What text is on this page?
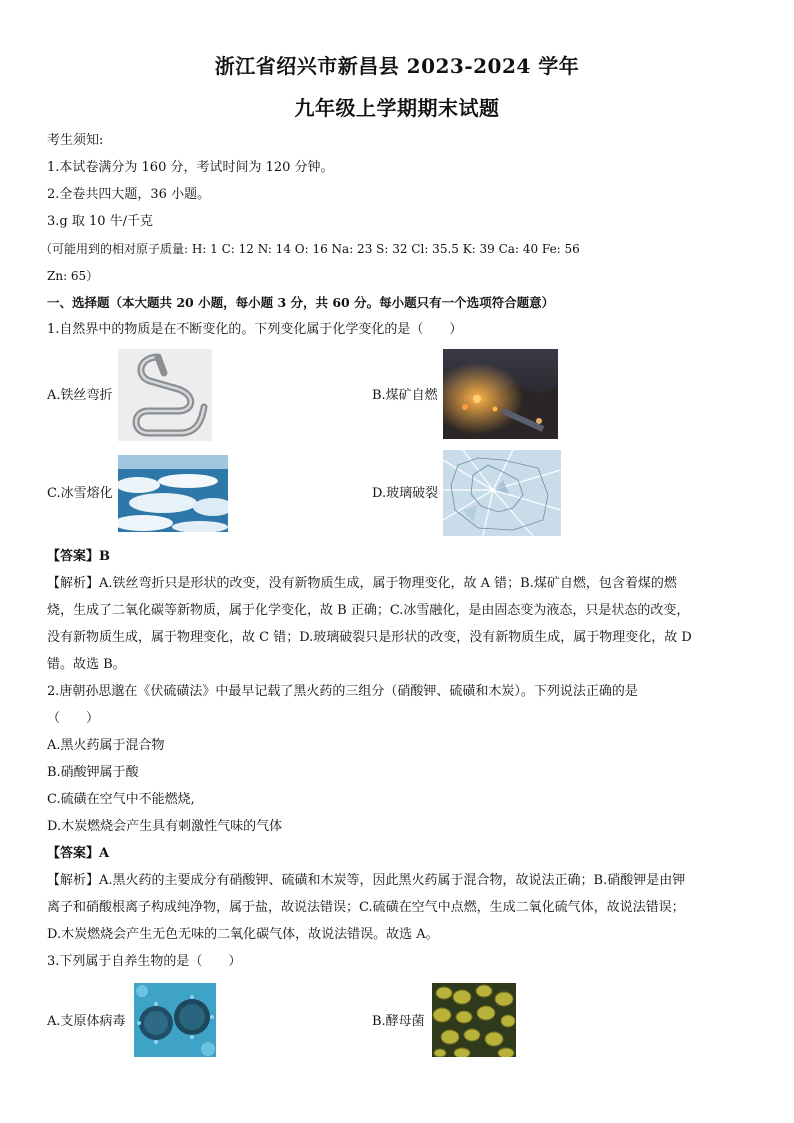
浙江省绍兴市新昌县 2023-2024 学年
九年级上学期期末试题
考生须知:
1.本试卷满分为 160 分，考试时间为 120 分钟。
2.全卷共四大题，36 小题。
3.g 取 10 牛/千克
（可能用到的相对原子质量: H: 1 C: 12 N: 14 O: 16 Na: 23 S: 32 Cl: 35.5 K: 39 Ca: 40 Fe: 56
Zn: 65）
一、选择题（本大题共 20 小题，每小题 3 分，共 60 分。每小题只有一个选项符合题意）
1.自然界中的物质是在不断变化的。下列变化属于化学变化的是（　　）
A.铁丝弯折	B.煤矿自燃
C.冰雪熔化	D.玻璃破裂
【答案】B
【解析】A.铁丝弯折只是形状的改变，没有新物质生成，属于物理变化，故 A 错；B.煤矿自燃，包含着煤的燃
烧，生成了二氧化碳等新物质，属于化学变化，故 B 正确；C.冰雪融化，是由固态变为液态，只是状态的改变，
没有新物质生成，属于物理变化，故 C 错；D.玻璃破裂只是形状的改变，没有新物质生成，属于物理变化，故 D
错。故选 B。
2.唐朝孙思邈在《伏硫磺法》中最早记载了黑火药的三组分（硝酸钾、硫磺和木炭）。下列说法正确的是
（　　）
A.黑火药属于混合物
B.硝酸钾属于酸
C.硫磺在空气中不能燃烧,
D.木炭燃烧会产生具有刺激性气味的气体
【答案】A
【解析】A.黑火药的主要成分有硝酸钾、硫磺和木炭等，因此黑火药属于混合物，故说法正确；B.硝酸钾是由钾
离子和硝酸根离子构成纯净物，属于盐，故说法错误；C.硫磺在空气中点燃，生成二氧化硫气体，故说法错误；
D.木炭燃烧会产生无色无味的二氧化碳气体，故说法错误。故选 A。
3.下列属于自养生物的是（　　）
A.支原体病毒	B.酵母菌
